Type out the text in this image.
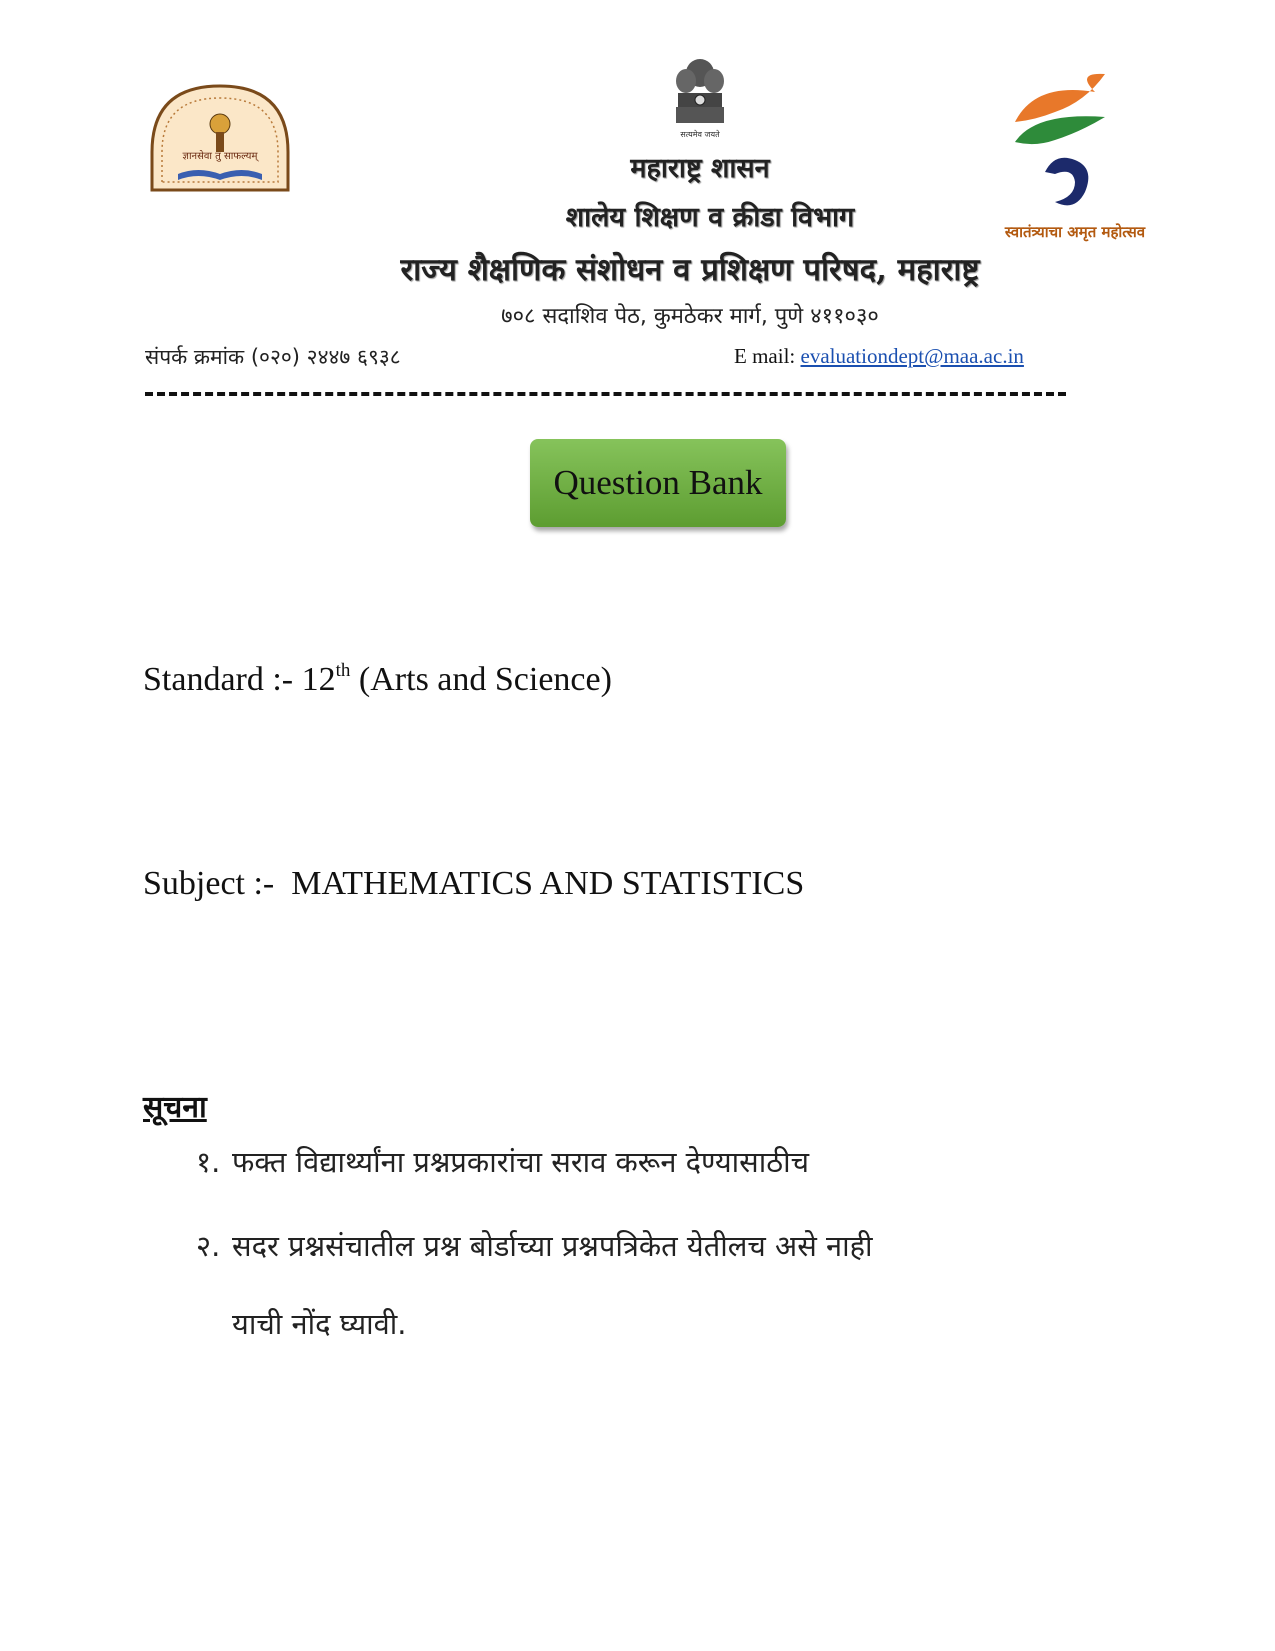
ज्ञानसेवा तु साफल्यम्
सत्यमेव जयते
स्वातंत्र्याचा अमृत महोत्सव
महाराष्ट्र शासन
शालेय शिक्षण व क्रीडा विभाग
राज्य शैक्षणिक संशोधन व प्रशिक्षण परिषद, महाराष्ट्र
७०८ सदाशिव पेठ, कुमठेकर मार्ग, पुणे ४११०३०
संपर्क क्रमांक (०२०) २४४७ ६९३८	E mail: evaluationdept@maa.ac.in
Question Bank
Standard :- 12th (Arts and Science)
Subject :-  MATHEMATICS AND STATISTICS
सूचना
१. फक्त विद्यार्थ्यांना प्रश्नप्रकारांचा सराव करून देण्यासाठीच
२. सदर प्रश्नसंचातील प्रश्न बोर्डाच्या प्रश्नपत्रिकेत येतीलच असे नाही
याची नोंद घ्यावी.
